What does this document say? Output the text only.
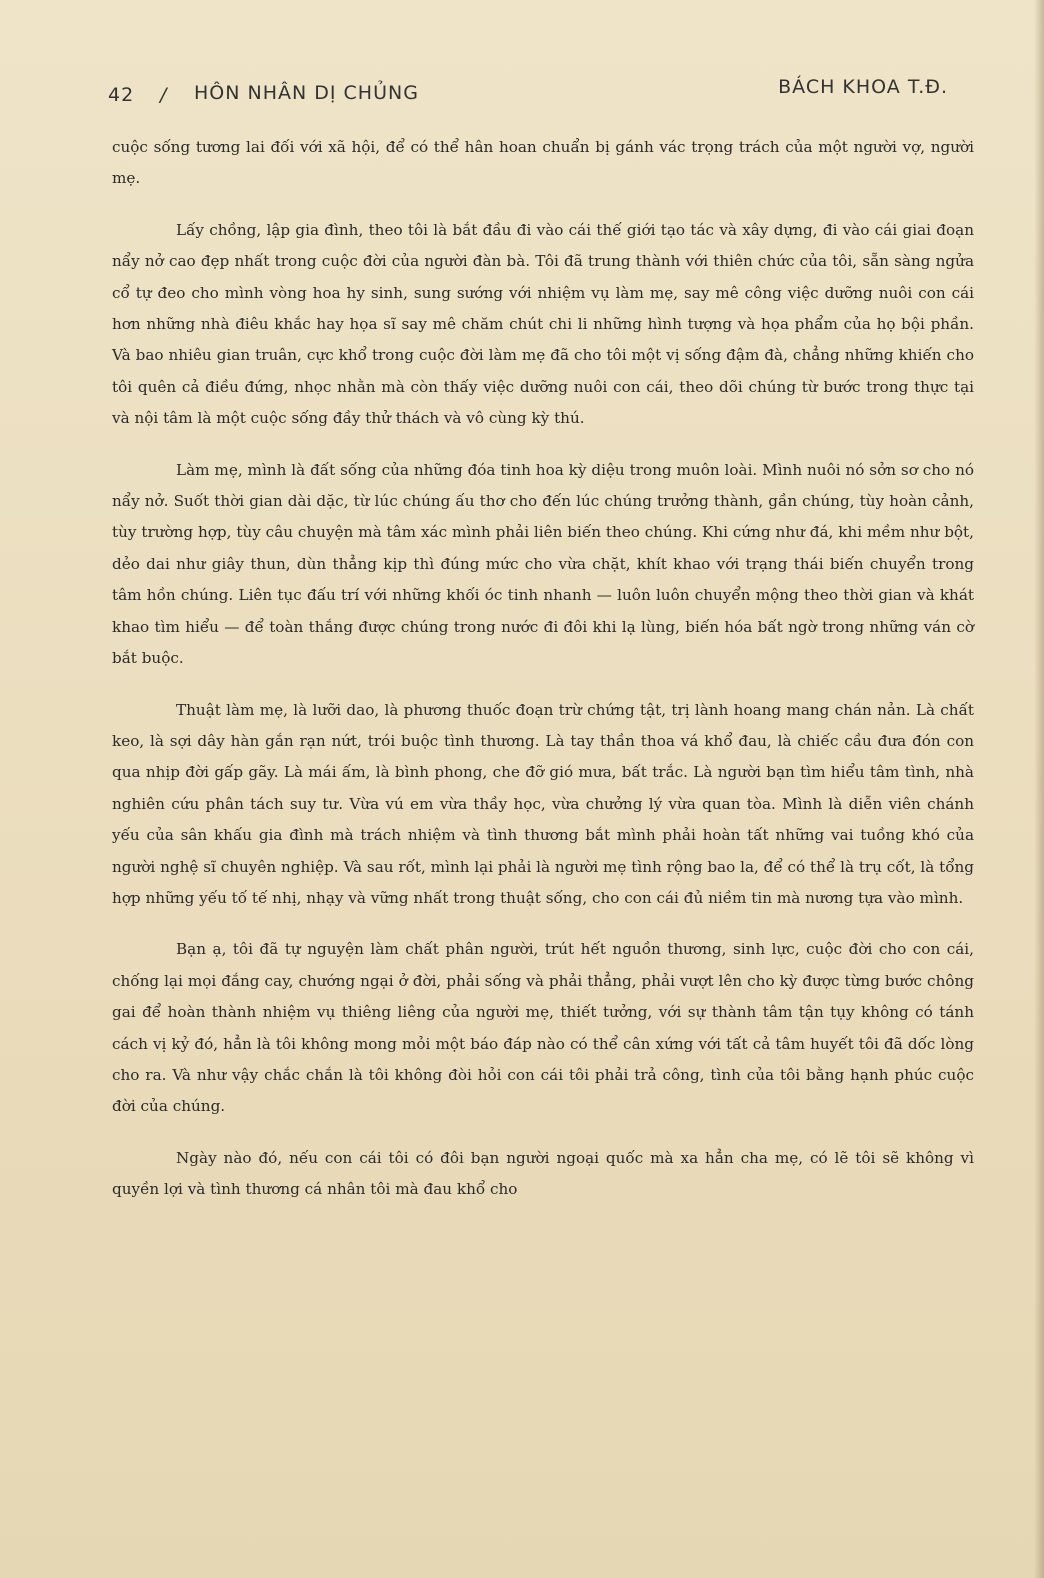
42 / HÔN NHÂN DỊ CHỦNG	BÁCH KHOA T.Đ.

cuộc sống tương lai đối với xã hội, để có thể hân hoan chuẩn bị gánh vác trọng trách của một người vợ, người mẹ.

Lấy chồng, lập gia đình, theo tôi là bắt đầu đi vào cái thế giới tạo tác và xây dựng, đi vào cái giai đoạn nẩy nở cao đẹp nhất trong cuộc đời của người đàn bà. Tôi đã trung thành với thiên chức của tôi, sẵn sàng ngửa cổ tự đeo cho mình vòng hoa hy sinh, sung sướng với nhiệm vụ làm mẹ, say mê công việc dưỡng nuôi con cái hơn những nhà điêu khắc hay họa sĩ say mê chăm chút chi li những hình tượng và họa phẩm của họ bội phần. Và bao nhiêu gian truân, cực khổ trong cuộc đời làm mẹ đã cho tôi một vị sống đậm đà, chẳng những khiến cho tôi quên cả điều đứng, nhọc nhằn mà còn thấy việc dưỡng nuôi con cái, theo dõi chúng từ bước trong thực tại và nội tâm là một cuộc sống đầy thử thách và vô cùng kỳ thú.

Làm mẹ, mình là đất sống của những đóa tinh hoa kỳ diệu trong muôn loài. Mình nuôi nó sởn sơ cho nó nẩy nở. Suốt thời gian dài dặc, từ lúc chúng ấu thơ cho đến lúc chúng trưởng thành, gần chúng, tùy hoàn cảnh, tùy trường hợp, tùy câu chuyện mà tâm xác mình phải liên biến theo chúng. Khi cứng như đá, khi mềm như bột, dẻo dai như giây thun, dùn thẳng kịp thì đúng mức cho vừa chặt, khít khao với trạng thái biến chuyển trong tâm hồn chúng. Liên tục đấu trí với những khối óc tinh nhanh — luôn luôn chuyển mộng theo thời gian và khát khao tìm hiểu — để toàn thắng được chúng trong nước đi đôi khi lạ lùng, biến hóa bất ngờ trong những ván cờ bắt buộc.

Thuật làm mẹ, là lưỡi dao, là phương thuốc đoạn trừ chứng tật, trị lành hoang mang chán nản. Là chất keo, là sợi dây hàn gắn rạn nứt, trói buộc tình thương. Là tay thần thoa vá khổ đau, là chiếc cầu đưa đón con qua nhịp đời gấp gãy. Là mái ấm, là bình phong, che đỡ gió mưa, bất trắc. Là người bạn tìm hiểu tâm tình, nhà nghiên cứu phân tách suy tư. Vừa vú em vừa thầy học, vừa chưởng lý vừa quan tòa. Mình là diễn viên chánh yếu của sân khấu gia đình mà trách nhiệm và tình thương bắt mình phải hoàn tất những vai tuồng khó của người nghệ sĩ chuyên nghiệp. Và sau rốt, mình lại phải là người mẹ tình rộng bao la, để có thể là trụ cốt, là tổng hợp những yếu tố tế nhị, nhạy và vững nhất trong thuật sống, cho con cái đủ niềm tin mà nương tựa vào mình.

Bạn ạ, tôi đã tự nguyện làm chất phân người, trút hết nguồn thương, sinh lực, cuộc đời cho con cái, chống lại mọi đắng cay, chướng ngại ở đời, phải sống và phải thẳng, phải vượt lên cho kỳ được từng bước chông gai để hoàn thành nhiệm vụ thiêng liêng của người mẹ, thiết tưởng, với sự thành tâm tận tụy không có tánh cách vị kỷ đó, hẳn là tôi không mong mỏi một báo đáp nào có thể cân xứng với tất cả tâm huyết tôi đã dốc lòng cho ra. Và như vậy chắc chắn là tôi không đòi hỏi con cái tôi phải trả công, tình của tôi bằng hạnh phúc cuộc đời của chúng.

Ngày nào đó, nếu con cái tôi có đôi bạn người ngoại quốc mà xa hẳn cha mẹ, có lẽ tôi sẽ không vì quyền lợi và tình thương cá nhân tôi mà đau khổ cho
